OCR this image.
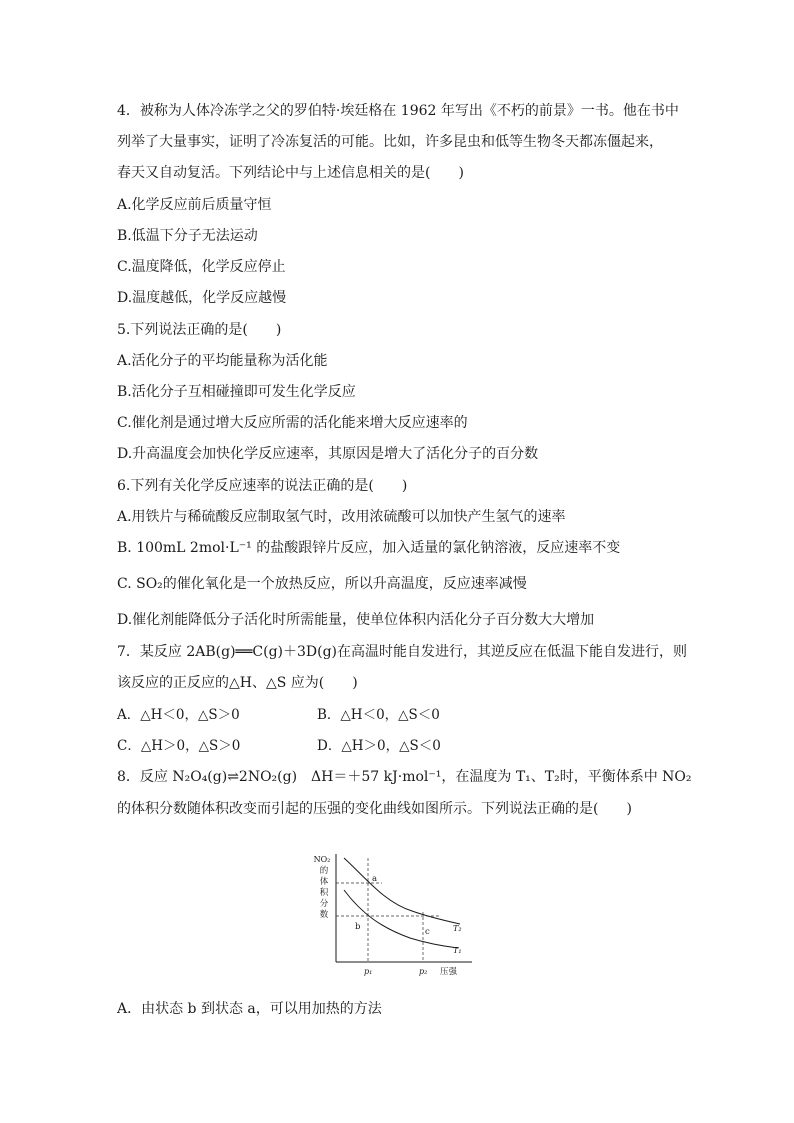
4．被称为人体冷冻学之父的罗伯特·埃廷格在 1962 年写出《不朽的前景》一书。他在书中
列举了大量事实，证明了冷冻复活的可能。比如，许多昆虫和低等生物冬天都冻僵起来，
春天又自动复活。下列结论中与上述信息相关的是(　　)
A.化学反应前后质量守恒
B.低温下分子无法运动
C.温度降低，化学反应停止
D.温度越低，化学反应越慢
5.下列说法正确的是(　　)
A.活化分子的平均能量称为活化能
B.活化分子互相碰撞即可发生化学反应
C.催化剂是通过增大反应所需的活化能来增大反应速率的
D.升高温度会加快化学反应速率，其原因是增大了活化分子的百分数
6.下列有关化学反应速率的说法正确的是(　　)
A.用铁片与稀硫酸反应制取氢气时，改用浓硫酸可以加快产生氢气的速率
B. 100mL 2mol·L⁻¹ 的盐酸跟锌片反应，加入适量的氯化钠溶液，反应速率不变
C. SO₂的催化氧化是一个放热反应，所以升高温度，反应速率减慢
D.催化剂能降低分子活化时所需能量，使单位体积内活化分子百分数大大增加
7．某反应 2AB(g)══C(g)＋3D(g)在高温时能自发进行，其逆反应在低温下能自发进行，则
该反应的正反应的△H、△S 应为(　　)
A．△H＜0，△S＞0	B．△H＜0，△S＜0
C．△H＞0，△S＞0	D．△H＞0，△S＜0
8．反应 N₂O₄(g)⇌2NO₂(g)　ΔH＝＋57 kJ·mol⁻¹，在温度为 T₁、T₂时，平衡体系中 NO₂
的体积分数随体积改变而引起的压强的变化曲线如图所示。下列说法正确的是(　　)
NO₂
的
体
积
分
数
a
b	c	T₂
T₁
p₁	p₂ 压强
A．由状态 b 到状态 a，可以用加热的方法
